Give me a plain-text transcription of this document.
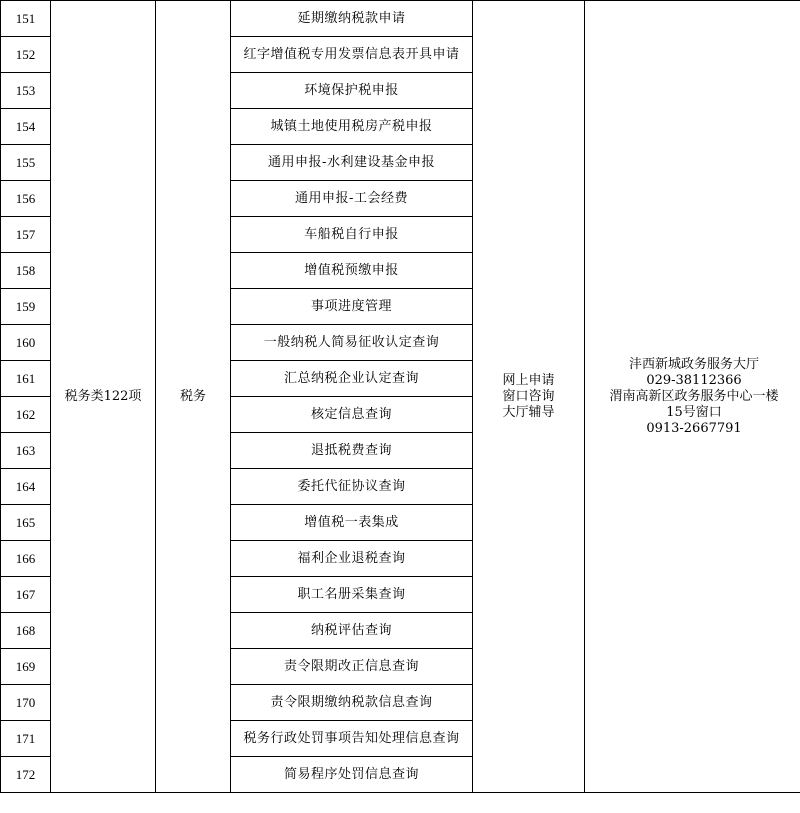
151	税务类122项	税务	延期缴纳税款申请	网上申请
窗口咨询
大厅辅导	沣西新城政务服务大厅
029-38112366
渭南高新区政务服务中心一楼
15号窗口
0913-2667791

152			红字增值税专用发票信息表开具申请		
153			环境保护税申报		
154			城镇土地使用税房产税申报		
155			通用申报-水利建设基金申报		
156			通用申报-工会经费		
157			车船税自行申报		
158			增值税预缴申报		
159			事项进度管理		
160			一般纳税人简易征收认定查询		
161			汇总纳税企业认定查询		
162			核定信息查询		
163			退抵税费查询		
164			委托代征协议查询		
165			增值税一表集成		
166			福利企业退税查询		
167			职工名册采集查询		
168			纳税评估查询		
169			责令限期改正信息查询		
170			责令限期缴纳税款信息查询		
171			税务行政处罚事项告知处理信息查询		
172			简易程序处罚信息查询		
